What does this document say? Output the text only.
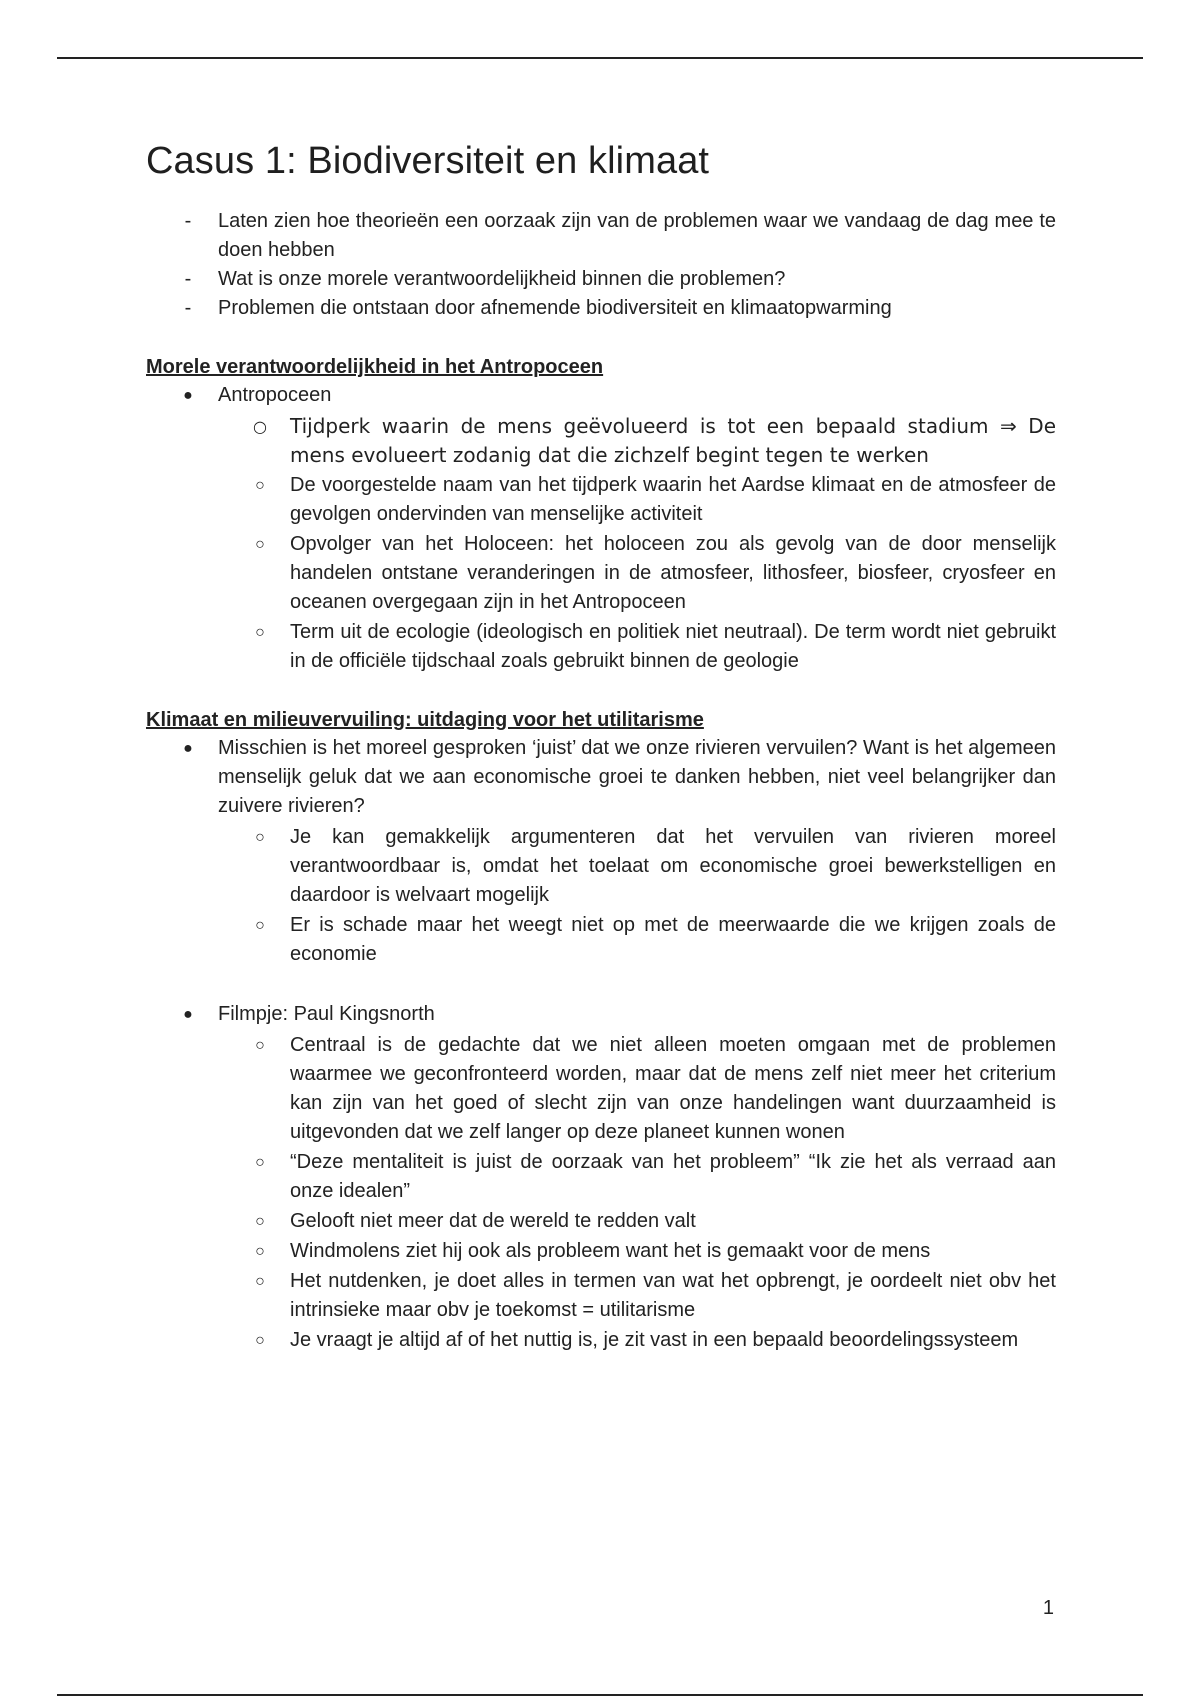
Casus 1: Biodiversiteit en klimaat
-	Laten zien hoe theorieën een oorzaak zijn van de problemen waar we vandaag de dag mee te doen hebben
-	Wat is onze morele verantwoordelijkheid binnen die problemen?
-	Problemen die ontstaan door afnemende biodiversiteit en klimaatopwarming
Morele verantwoordelijkheid in het Antropoceen
● Antropoceen
○ Tijdperk waarin de mens geëvolueerd is tot een bepaald stadium ⇒ De mens evolueert zodanig dat die zichzelf begint tegen te werken
○ De voorgestelde naam van het tijdperk waarin het Aardse klimaat en de atmosfeer de gevolgen ondervinden van menselijke activiteit
○ Opvolger van het Holoceen: het holoceen zou als gevolg van de door menselijk handelen ontstane veranderingen in de atmosfeer, lithosfeer, biosfeer, cryosfeer en oceanen overgegaan zijn in het Antropoceen
○ Term uit de ecologie (ideologisch en politiek niet neutraal). De term wordt niet gebruikt in de officiële tijdschaal zoals gebruikt binnen de geologie
Klimaat en milieuvervuiling: uitdaging voor het utilitarisme
● Misschien is het moreel gesproken ‘juist’ dat we onze rivieren vervuilen? Want is het algemeen menselijk geluk dat we aan economische groei te danken hebben, niet veel belangrijker dan zuivere rivieren?
○ Je kan gemakkelijk argumenteren dat het vervuilen van rivieren moreel verantwoordbaar is, omdat het toelaat om economische groei bewerkstelligen en daardoor is welvaart mogelijk
○ Er is schade maar het weegt niet op met de meerwaarde die we krijgen zoals de economie
● Filmpje: Paul Kingsnorth
○ Centraal is de gedachte dat we niet alleen moeten omgaan met de problemen waarmee we geconfronteerd worden, maar dat de mens zelf niet meer het criterium kan zijn van het goed of slecht zijn van onze handelingen want duurzaamheid is uitgevonden dat we zelf langer op deze planeet kunnen wonen
○ “Deze mentaliteit is juist de oorzaak van het probleem” “Ik zie het als verraad aan onze idealen”
○ Gelooft niet meer dat de wereld te redden valt
○ Windmolens ziet hij ook als probleem want het is gemaakt voor de mens
○ Het nutdenken, je doet alles in termen van wat het opbrengt, je oordeelt niet obv het intrinsieke maar obv je toekomst = utilitarisme
○ Je vraagt je altijd af of het nuttig is, je zit vast in een bepaald beoordelingssysteem
1
